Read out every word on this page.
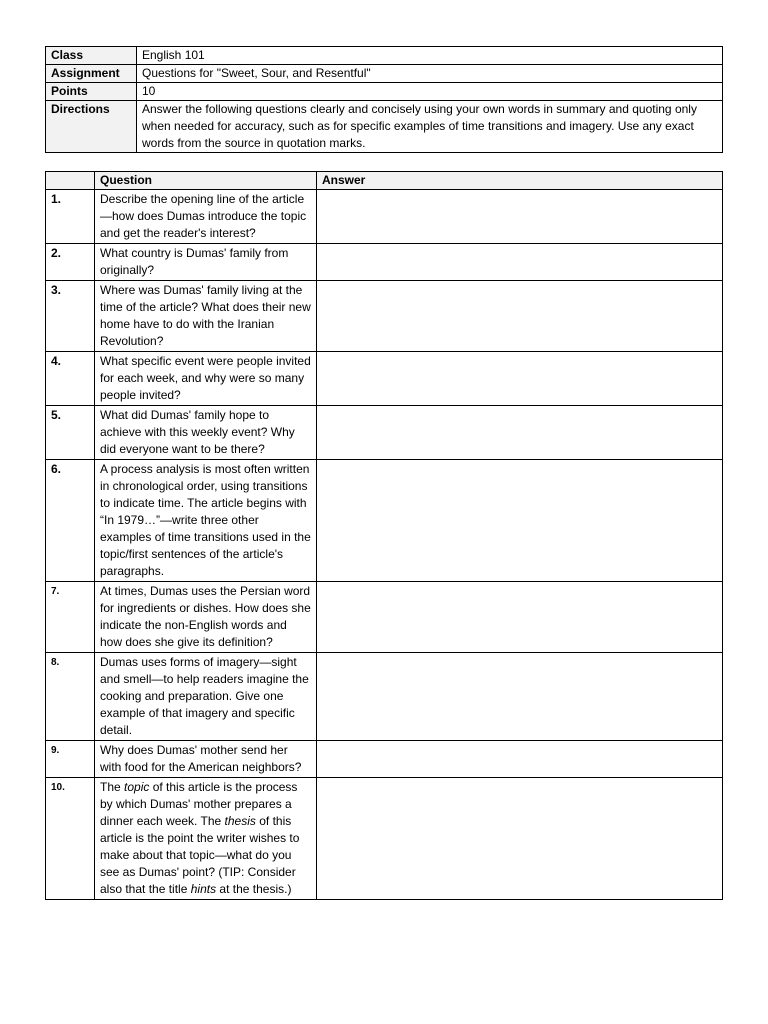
Class	English 101
Assignment	Questions for "Sweet, Sour, and Resentful"
Points	10
Directions	Answer the following questions clearly and concisely using your own words in summary and quoting only when needed for accuracy, such as for specific examples of time transitions and imagery. Use any exact words from the source in quotation marks.
	Question	Answer
1.	Describe the opening line of the article—how does Dumas introduce the topic and get the reader's interest?	
2.	What country is Dumas' family from originally?	
3.	Where was Dumas' family living at the time of the article? What does their new home have to do with the Iranian Revolution?	
4.	What specific event were people invited for each week, and why were so many people invited?	
5.	What did Dumas' family hope to achieve with this weekly event? Why did everyone want to be there?	
6.	A process analysis is most often written in chronological order, using transitions to indicate time. The article begins with “In 1979…”—write three other examples of time transitions used in the topic/first sentences of the article's paragraphs.	
7.	At times, Dumas uses the Persian word for ingredients or dishes. How does she indicate the non-English words and how does she give its definition?	
8.	Dumas uses forms of imagery—sight and smell—to help readers imagine the cooking and preparation. Give one example of that imagery and specific detail.	
9.	Why does Dumas' mother send her with food for the American neighbors?	
10.	The topic of this article is the process by which Dumas' mother prepares a dinner each week. The thesis of this article is the point the writer wishes to make about that topic—what do you see as Dumas' point? (TIP: Consider also that the title hints at the thesis.)	
